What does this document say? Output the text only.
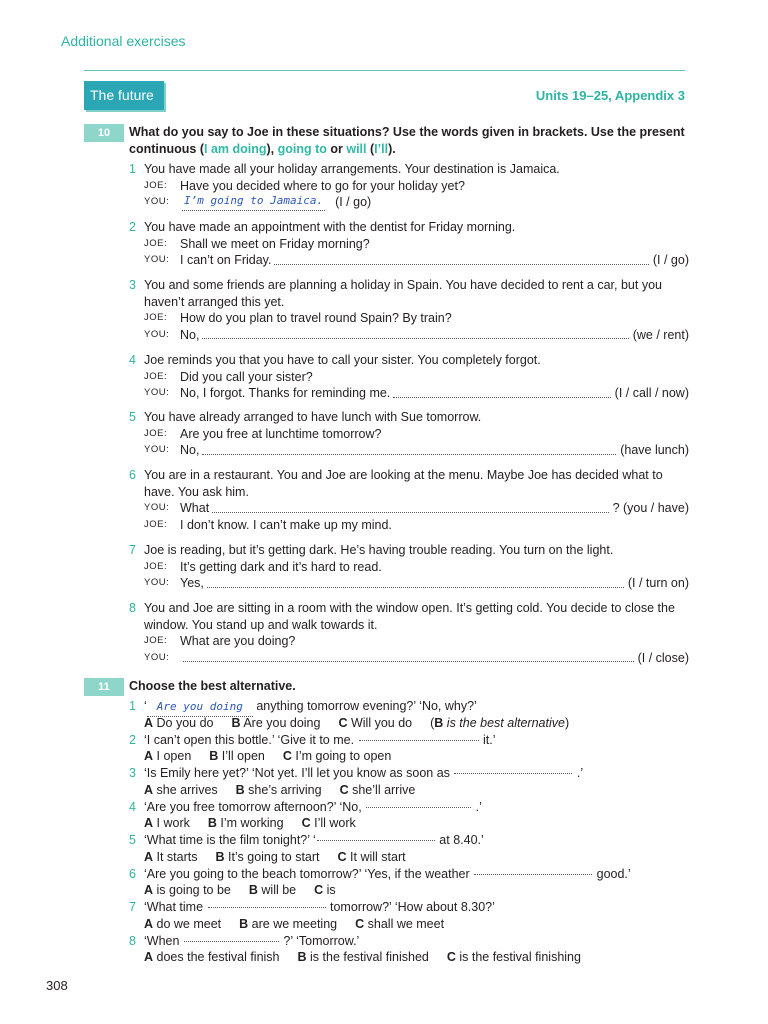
Additional exercises
The future	Units 19–25, Appendix 3
10	What do you say to Joe in these situations? Use the words given in brackets. Use the present continuous (I am doing), going to or will (I’ll).
1 You have made all your holiday arrangements. Your destination is Jamaica.
JOE:	Have you decided where to go for your holiday yet?
YOU:	I’m going to Jamaica. (I / go)
2 You have made an appointment with the dentist for Friday morning.
JOE:	Shall we meet on Friday morning?
YOU: I can’t on Friday.	(I / go)
3 You and some friends are planning a holiday in Spain. You have decided to rent a car, but you haven’t arranged this yet.
JOE:	How do you plan to travel round Spain? By train?
YOU: No,	(we / rent)
4 Joe reminds you that you have to call your sister. You completely forgot.
JOE:	Did you call your sister?
YOU: No, I forgot. Thanks for reminding me.	(I / call / now)
5 You have already arranged to have lunch with Sue tomorrow.
JOE:	Are you free at lunchtime tomorrow?
YOU: No,	(have lunch)
6 You are in a restaurant. You and Joe are looking at the menu. Maybe Joe has decided what to have. You ask him.
YOU: What	? (you / have)
JOE:	I don’t know. I can’t make up my mind.
7 Joe is reading, but it’s getting dark. He’s having trouble reading. You turn on the light.
JOE:	It’s getting dark and it’s hard to read.
YOU: Yes,	(I / turn on)
8 You and Joe are sitting in a room with the window open. It’s getting cold. You decide to close the window. You stand up and walk towards it.
JOE:	What are you doing?
YOU:	(I / close)
11	Choose the best alternative.
1 ‘ Are you doing anything tomorrow evening?’ ‘No, why?’
A Do you do B Are you doing C Will you do (B is the best alternative)
2 ‘I can’t open this bottle.’ ‘Give it to me.	it.’
A I open B I’ll open C I’m going to open
3 ‘Is Emily here yet?’ ‘Not yet. I’ll let you know as soon as	.’
A she arrives B she’s arriving C she’ll arrive
4 ‘Are you free tomorrow afternoon?’ ‘No,	.’
A I work B I’m working C I’ll work
5 ‘What time is the film tonight?’ ‘	at 8.40.’
A It starts B It’s going to start C It will start
6 ‘Are you going to the beach tomorrow?’ ‘Yes, if the weather	good.’
A is going to be B will be C is
7 ‘What time	tomorrow?’ ‘How about 8.30?’
A do we meet B are we meeting C shall we meet
8 ‘When	?’ ‘Tomorrow.’
A does the festival finish B is the festival finished C is the festival finishing
308
